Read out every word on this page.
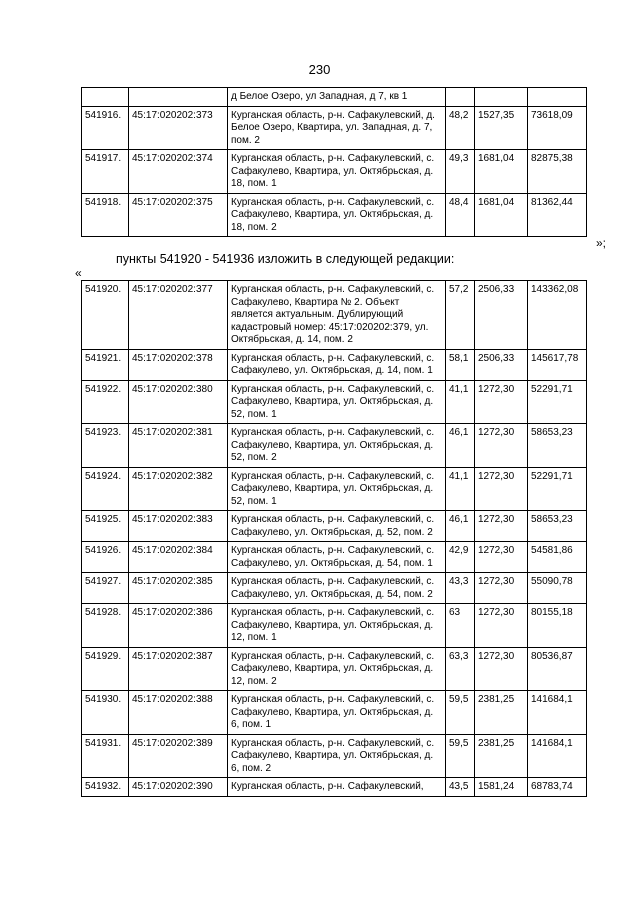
230
		д Белое Озеро, ул Западная, д 7, кв 1			
541916.	45:17:020202:373	Курганская область, р-н. Сафакулевский, д. Белое Озеро, Квартира, ул. Западная, д. 7, пом. 2	48,2	1527,35	73618,09
541917.	45:17:020202:374	Курганская область, р-н. Сафакулевский, с. Сафакулево, Квартира, ул. Октябрьская, д. 18, пом. 1	49,3	1681,04	82875,38
541918.	45:17:020202:375	Курганская область, р-н. Сафакулевский, с. Сафакулево, Квартира, ул. Октябрьская, д. 18, пом. 2	48,4	1681,04	81362,44
»;
пункты 541920 - 541936 изложить в следующей редакции:
«
541920.	45:17:020202:377	Курганская область, р-н. Сафакулевский, с. Сафакулево, Квартира № 2. Объект является актуальным. Дублирующий кадастровый номер: 45:17:020202:379, ул. Октябрьская, д. 14, пом. 2	57,2	2506,33	143362,08
541921.	45:17:020202:378	Курганская область, р-н. Сафакулевский, с. Сафакулево, ул. Октябрьская, д. 14, пом. 1	58,1	2506,33	145617,78
541922.	45:17:020202:380	Курганская область, р-н. Сафакулевский, с. Сафакулево, Квартира, ул. Октябрьская, д. 52, пом. 1	41,1	1272,30	52291,71
541923.	45:17:020202:381	Курганская область, р-н. Сафакулевский, с. Сафакулево, Квартира, ул. Октябрьская, д. 52, пом. 2	46,1	1272,30	58653,23
541924.	45:17:020202:382	Курганская область, р-н. Сафакулевский, с. Сафакулево, Квартира, ул. Октябрьская, д. 52, пом. 1	41,1	1272,30	52291,71
541925.	45:17:020202:383	Курганская область, р-н. Сафакулевский, с. Сафакулево, ул. Октябрьская, д. 52, пом. 2	46,1	1272,30	58653,23
541926.	45:17:020202:384	Курганская область, р-н. Сафакулевский, с. Сафакулево, ул. Октябрьская, д. 54, пом. 1	42,9	1272,30	54581,86
541927.	45:17:020202:385	Курганская область, р-н. Сафакулевский, с. Сафакулево, ул. Октябрьская, д. 54, пом. 2	43,3	1272,30	55090,78
541928.	45:17:020202:386	Курганская область, р-н. Сафакулевский, с. Сафакулево, Квартира, ул. Октябрьская, д. 12, пом. 1	63	1272,30	80155,18
541929.	45:17:020202:387	Курганская область, р-н. Сафакулевский, с. Сафакулево, Квартира, ул. Октябрьская, д. 12, пом. 2	63,3	1272,30	80536,87
541930.	45:17:020202:388	Курганская область, р-н. Сафакулевский, с. Сафакулево, Квартира, ул. Октябрьская, д. 6, пом. 1	59,5	2381,25	141684,1
541931.	45:17:020202:389	Курганская область, р-н. Сафакулевский, с. Сафакулево, Квартира, ул. Октябрьская, д. 6, пом. 2	59,5	2381,25	141684,1
541932.	45:17:020202:390	Курганская область, р-н. Сафакулевский,	43,5	1581,24	68783,74
